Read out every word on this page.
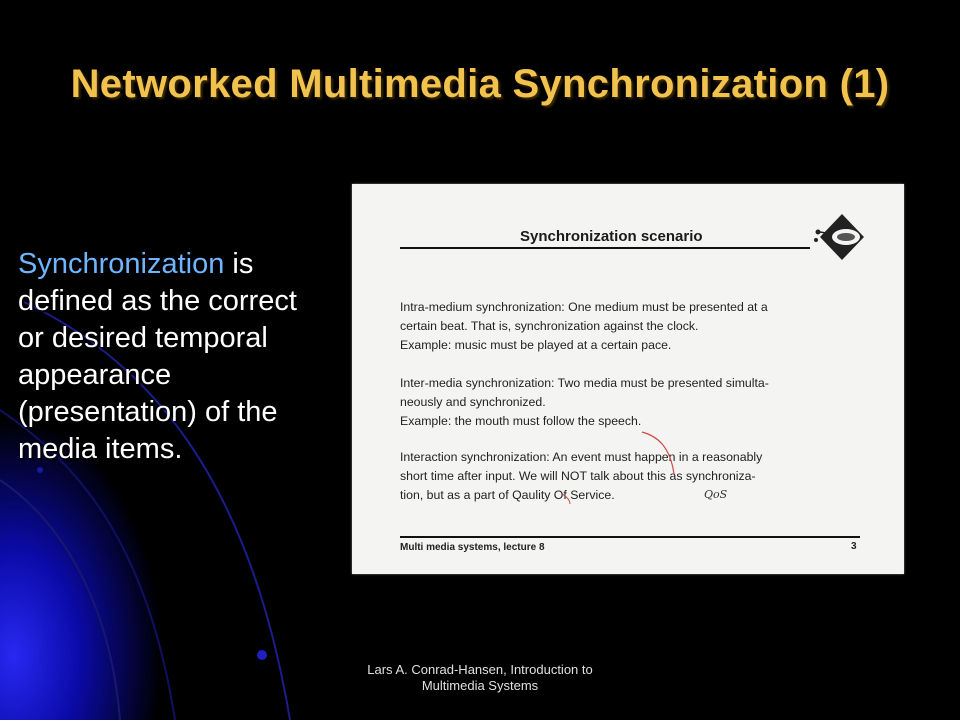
Networked Multimedia Synchronization (1)
Synchronization is
defined as the correct
or desired temporal
appearance
(presentation) of the
media items.
Synchronization scenario
Intra-medium synchronization: One medium must be presented at a
certain beat. That is, synchronization against the clock.
Example: music must be played at a certain pace.
Inter-media synchronization: Two media must be presented simulta-
neously and synchronized.
Example: the mouth must follow the speech.
Interaction synchronization: An event must happen in a reasonably
short time after input. We will NOT talk about this as synchroniza-
tion, but as a part of Qaulity Of Service.	QoS
Multi media systems, lecture 8	3
Lars A. Conrad-Hansen, Introduction to
Multimedia Systems
